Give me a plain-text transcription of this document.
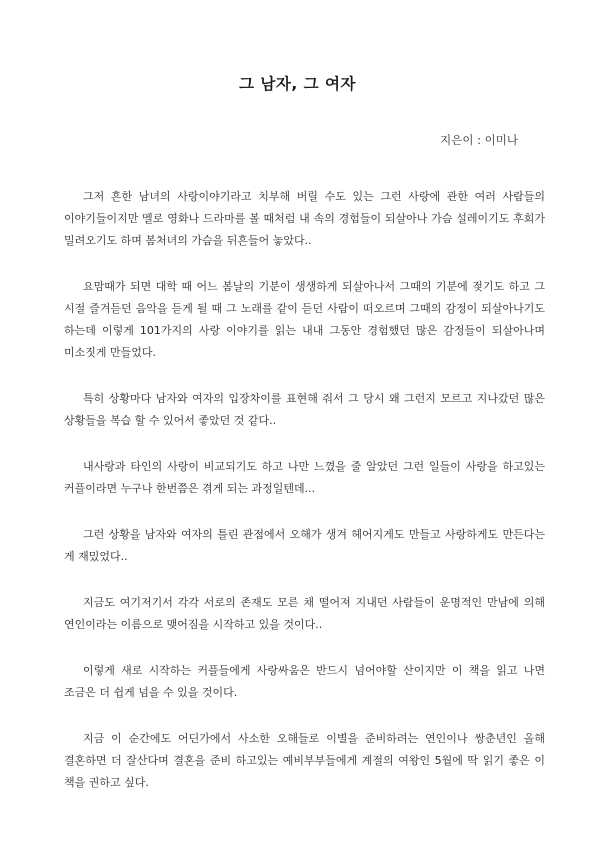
그 남자, 그 여자

지은이 : 이미나

그저 흔한 남녀의 사랑이야기라고 치부해 버릴 수도 있는 그런 사랑에 관한 여러 사람들의 이야기들이지만 멜로 영화나 드라마를 볼 때처럼 내 속의 경험들이 되살아나 가슴 설레이기도 후회가 밀려오기도 하며 봄처녀의 가슴을 뒤흔들어 놓았다..

요맘때가 되면 대학 때 어느 봄날의 기분이 생생하게 되살아나서 그때의 기분에 젖기도 하고 그 시절 즐겨듣던 음악을 듣게 될 때 그 노래를 같이 듣던 사람이 떠오르며 그때의 감정이 되살아나기도 하는데 이렇게 101가지의 사랑 이야기를 읽는 내내 그동안 경험했던 많은 감정들이 되살아나며 미소짓게 만들었다.

특히 상황마다 남자와 여자의 입장차이를 표현해 줘서 그 당시 왜 그런지 모르고 지나갔던 많은 상황들을 복습 할 수 있어서 좋았던 것 같다..

내사랑과 타인의 사랑이 비교되기도 하고 나만 느꼈을 줄 알았던 그런 일들이 사랑을 하고있는 커플이라면 누구나 한번쯤은 겪게 되는 과정일텐데...

그런 상황을 남자와 여자의 틀린 관점에서 오해가 생겨 헤어지게도 만들고 사랑하게도 만든다는 게 재밌었다..

지금도 여기저기서 각각 서로의 존재도 모른 채 떨어져 지내던 사람들이 운명적인 만남에 의해 연인이라는 이름으로 맺어짐을 시작하고 있을 것이다..

이렇게 새로 시작하는 커플들에게 사랑싸움은 반드시 넘어야할 산이지만 이 책을 읽고 나면 조금은 더 쉽게 넘을 수 있을 것이다.

지금 이 순간에도 어딘가에서 사소한 오해들로 이별을 준비하려는 연인이나 쌍춘년인 올해 결혼하면 더 잘산다며 결혼을 준비 하고있는 예비부부들에게 계절의 여왕인 5월에 딱 읽기 좋은 이 책을 권하고 싶다.
